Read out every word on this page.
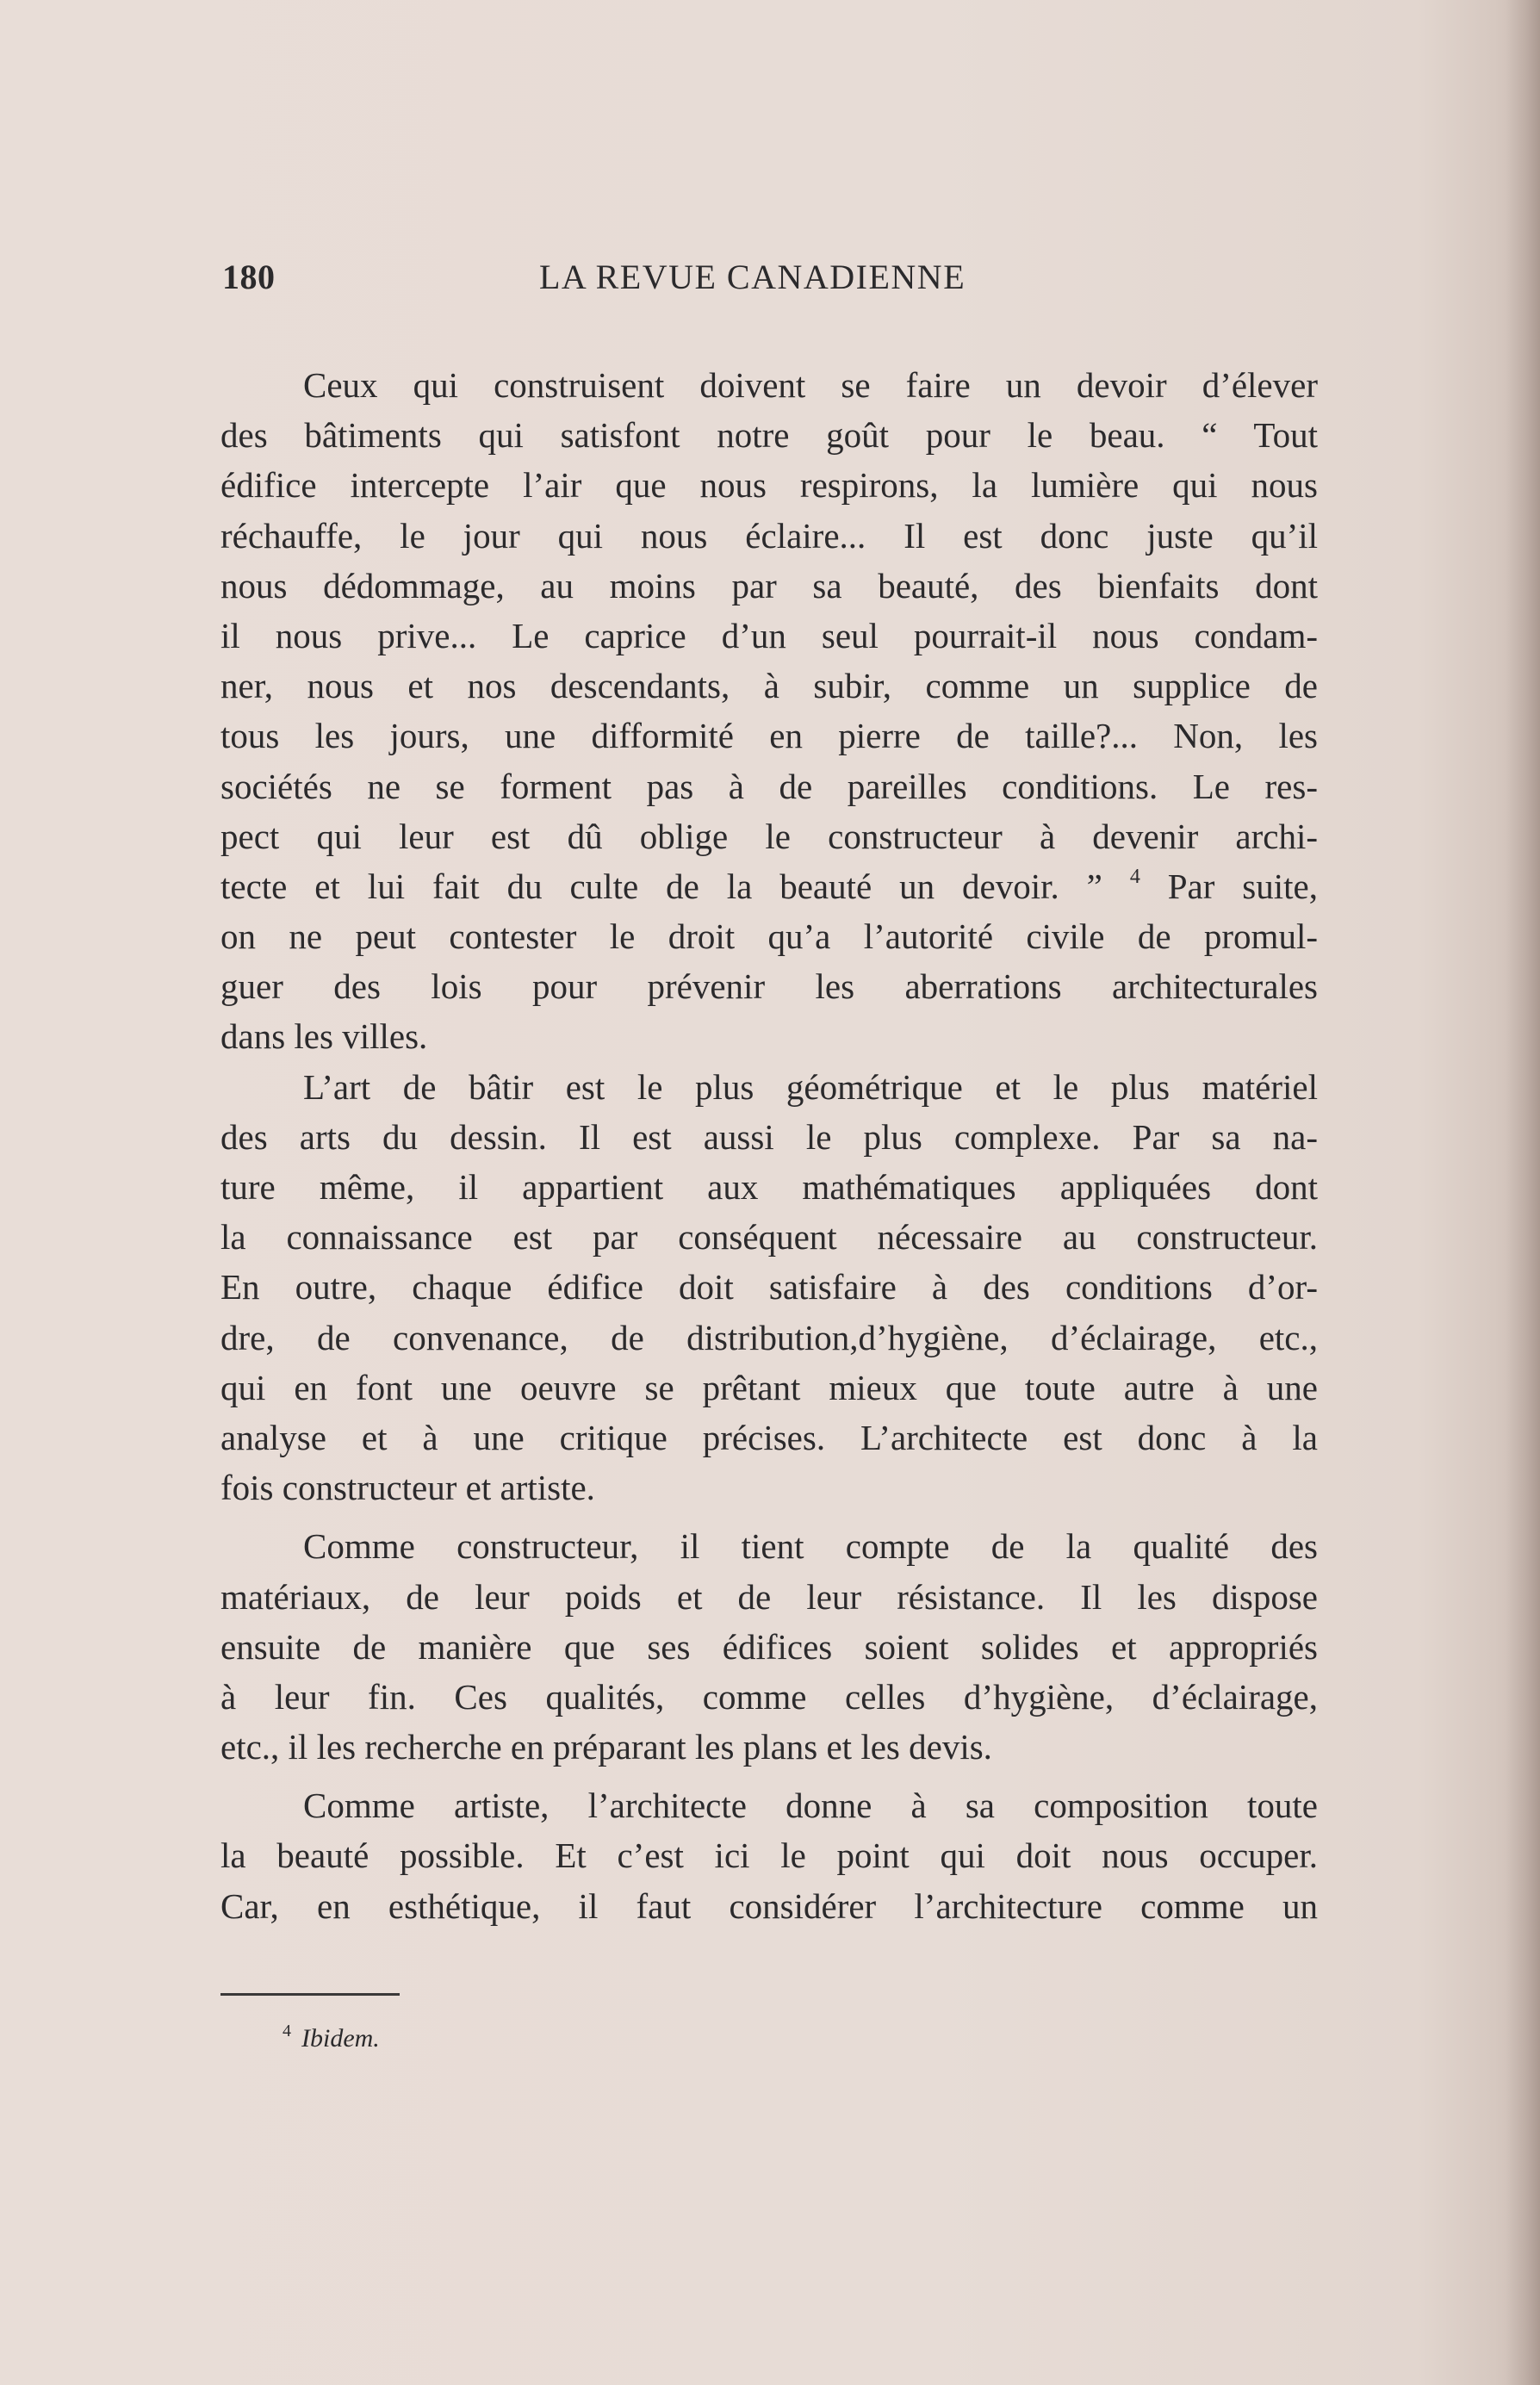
180	LA REVUE CANADIENNE
Ceux qui construisent doivent se faire un devoir d’élever
des bâtiments qui satisfont notre goût pour le beau. “ Tout
édifice intercepte l’air que nous respirons, la lumière qui nous
réchauffe, le jour qui nous éclaire... Il est donc juste qu’il
nous dédommage, au moins par sa beauté, des bienfaits dont
il nous prive... Le caprice d’un seul pourrait-il nous condam-
ner, nous et nos descendants, à subir, comme un supplice de
tous les jours, une difformité en pierre de taille?... Non, les
sociétés ne se forment pas à de pareilles conditions. Le res-
pect qui leur est dû oblige le constructeur à devenir archi-
tecte et lui fait du culte de la beauté un devoir. ” $^4$ Par suite,
on ne peut contester le droit qu’a l’autorité civile de promul-
guer des lois pour prévenir les aberrations architecturales
dans les villes.
L’art de bâtir est le plus géométrique et le plus matériel
des arts du dessin. Il est aussi le plus complexe. Par sa na-
ture même, il appartient aux mathématiques appliquées dont
la connaissance est par conséquent nécessaire au constructeur.
En outre, chaque édifice doit satisfaire à des conditions d’or-
dre, de convenance, de distribution,d’hygiène, d’éclairage, etc.,
qui en font une oeuvre se prêtant mieux que toute autre à une
analyse et à une critique précises. L’architecte est donc à la
fois constructeur et artiste.
Comme constructeur, il tient compte de la qualité des
matériaux, de leur poids et de leur résistance. Il les dispose
ensuite de manière que ses édifices soient solides et appropriés
à leur fin. Ces qualités, comme celles d’hygiène, d’éclairage,
etc., il les recherche en préparant les plans et les devis.
Comme artiste, l’architecte donne à sa composition toute
la beauté possible. Et c’est ici le point qui doit nous occuper.
Car, en esthétique, il faut considérer l’architecture comme un
$^4$ Ibidem.
